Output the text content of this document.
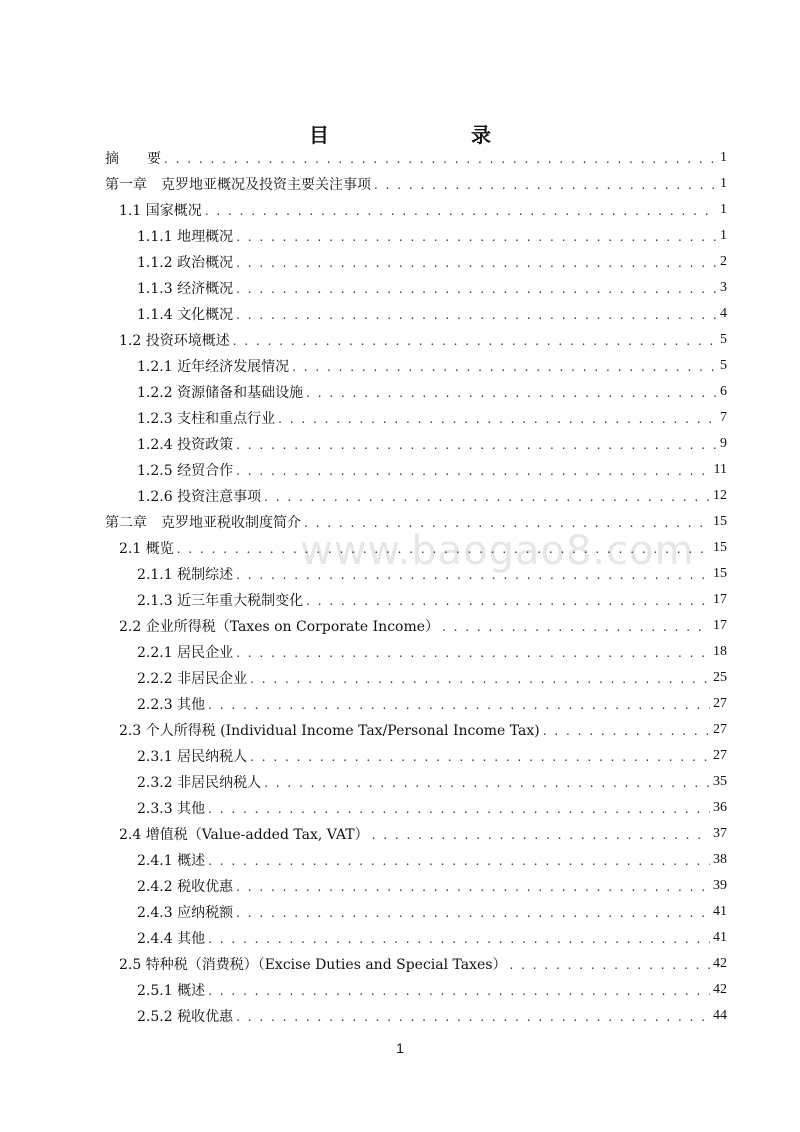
目　　录
www.baogao8.com
摘　　要 . . .	1
第一章　克罗地亚概况及投资主要关注事项 . . .	1
1.1 国家概况 . . .	1
1.1.1 地理概况 . . .	1
1.1.2 政治概况 . . .	2
1.1.3 经济概况 . . .	3
1.1.4 文化概况 . . .	4
1.2 投资环境概述 . . .	5
1.2.1 近年经济发展情况 . . .	5
1.2.2 资源储备和基础设施 . . .	6
1.2.3 支柱和重点行业 . . .	7
1.2.4 投资政策 . . .	9
1.2.5 经贸合作 . . .	11
1.2.6 投资注意事项 . . .	12
第二章　克罗地亚税收制度简介 . . .	15
2.1 概览 . . .	15
2.1.1 税制综述 . . .	15
2.1.3 近三年重大税制变化 . . .	17
2.2 企业所得税（Taxes on Corporate Income） . . .	17
2.2.1 居民企业 . . .	18
2.2.2 非居民企业 . . .	25
2.2.3 其他 . . .	27
2.3 个人所得税 (Individual Income Tax/Personal Income Tax) . . .	27
2.3.1 居民纳税人 . . .	27
2.3.2 非居民纳税人 . . .	35
2.3.3 其他 . . .	36
2.4 增值税（Value-added Tax, VAT） . . .	37
2.4.1 概述 . . .	38
2.4.2 税收优惠 . . .	39
2.4.3 应纳税额 . . .	41
2.4.4 其他 . . .	41
2.5 特种税（消费税）（Excise Duties and Special Taxes） . . .	42
2.5.1 概述 . . .	42
2.5.2 税收优惠 . . .	44
1
